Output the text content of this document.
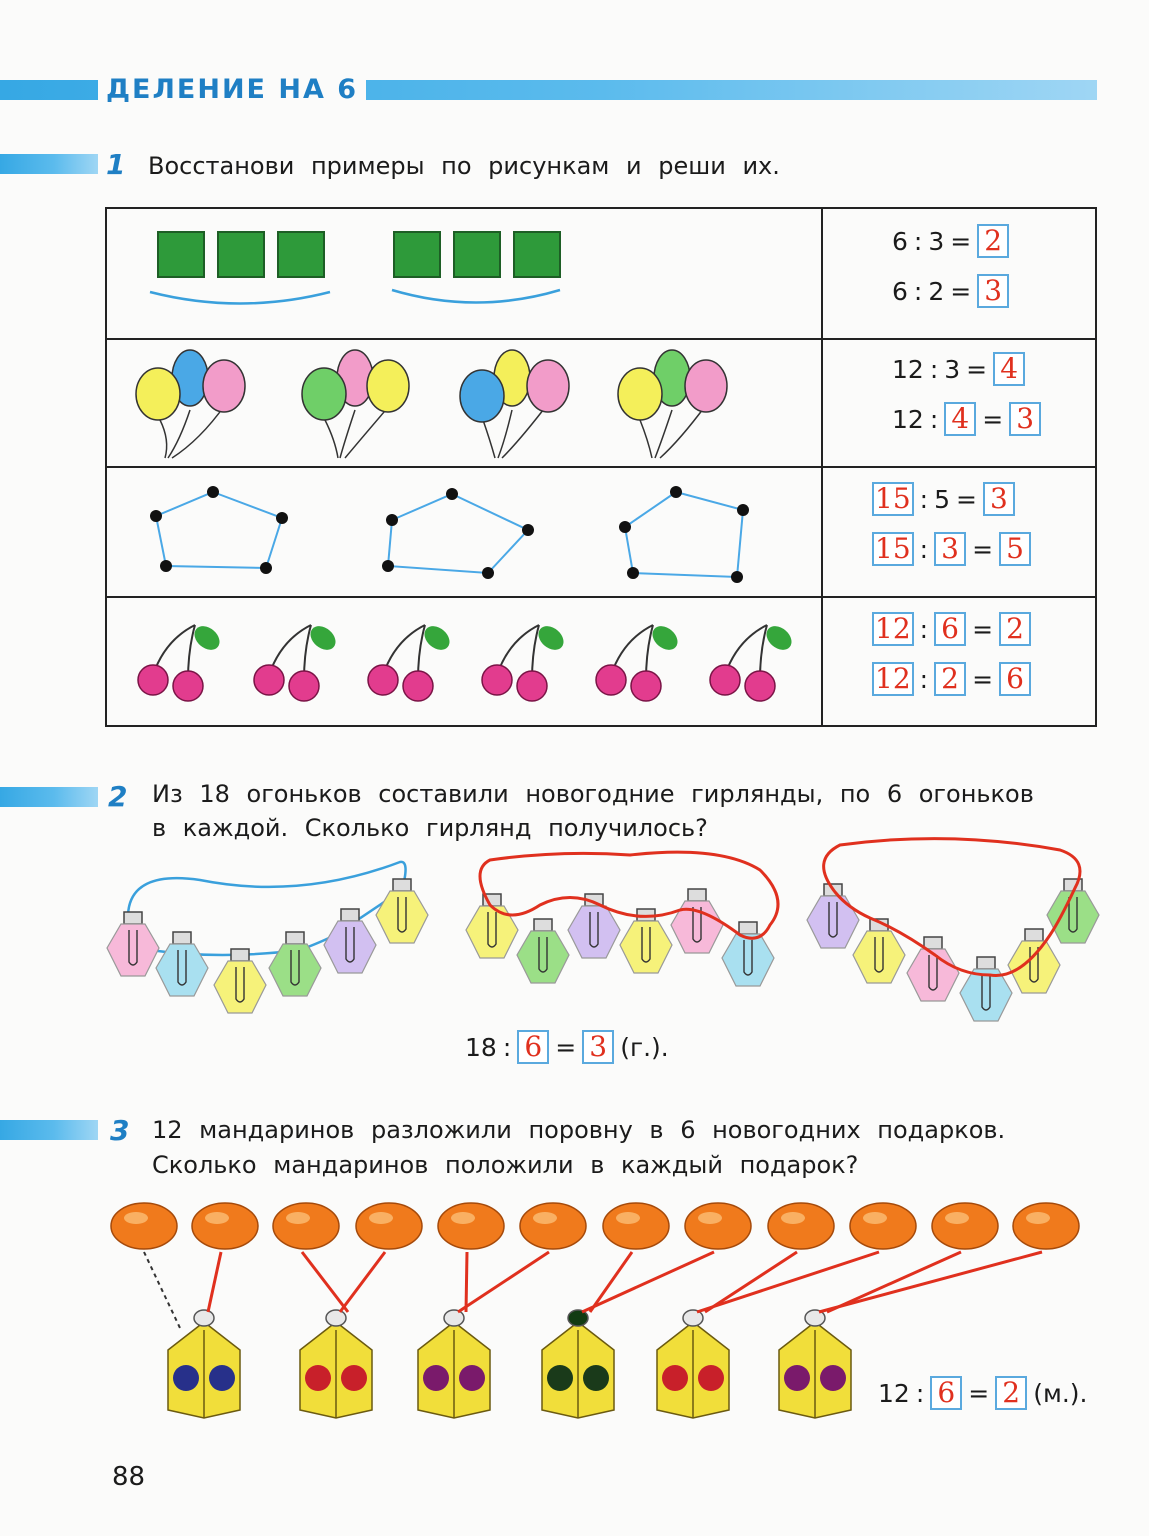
ДЕЛЕНИЕ НА 6
1 Восстанови примеры по рисункам и реши их.
6 : 3 = 2
6 : 2 = 3
12 : 3 = 4
12 : 4 = 3
15 : 5 = 3
15 : 3 = 5
12 : 6 = 2
12 : 2 = 6
2 Из 18 огоньков составили новогодние гирлянды, по 6 огоньков
в каждой. Сколько гирлянд получилось?
18 : 6 = 3 (г.).
3 12 мандаринов разложили поровну в 6 новогодних подарков.
Сколько мандаринов положили в каждый подарок?
12 : 6 = 2 (м.).
88
